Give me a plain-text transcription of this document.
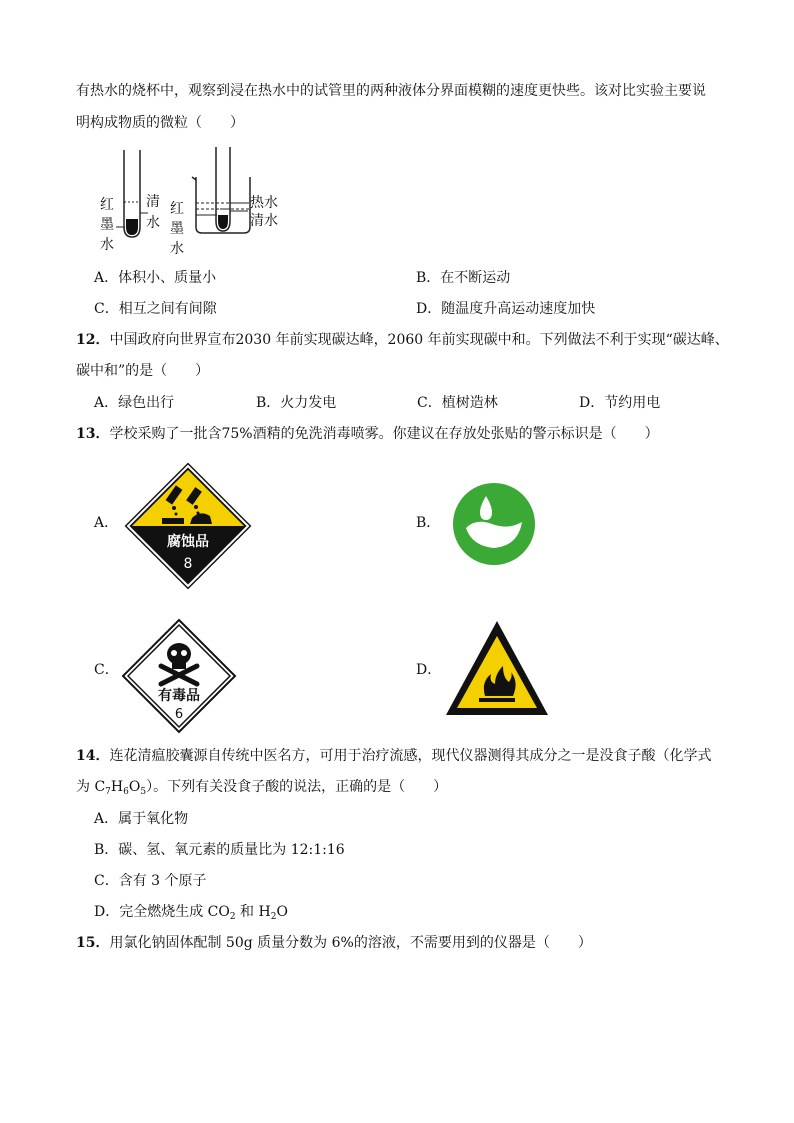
有热水的烧杯中，观察到浸在热水中的试管里的两种液体分界面模糊的速度更快些。该对比实验主要说
明构成物质的微粒（　　）
红
墨
水
清
水
红
墨
水
热水
清水
A．体积小、质量小	B．在不断运动
C．相互之间有间隙	D．随温度升高运动速度加快
12．中国政府向世界宣布2030 年前实现碳达峰，2060 年前实现碳中和。下列做法不利于实现“碳达峰、
碳中和”的是（　　）
A．绿色出行	B．火力发电	C．植树造林	D．节约用电
13．学校采购了一批含75%酒精的免洗消毒喷雾。你建议在存放处张贴的警示标识是（　　）
A．
腐蚀品
8
B．
C．
有毒品
6
D．
14．连花清瘟胶囊源自传统中医名方，可用于治疗流感，现代仪器测得其成分之一是没食子酸（化学式
为 $C_7H_6O_5$）。下列有关没食子酸的说法，正确的是（　　）
A．属于氧化物
B．碳、氢、氧元素的质量比为 12:1:16
C．含有 3 个原子
D．完全燃烧生成 $CO_2$ 和 $H_2O$
15．用氯化钠固体配制 50g 质量分数为 6%的溶液，不需要用到的仪器是（　　）
